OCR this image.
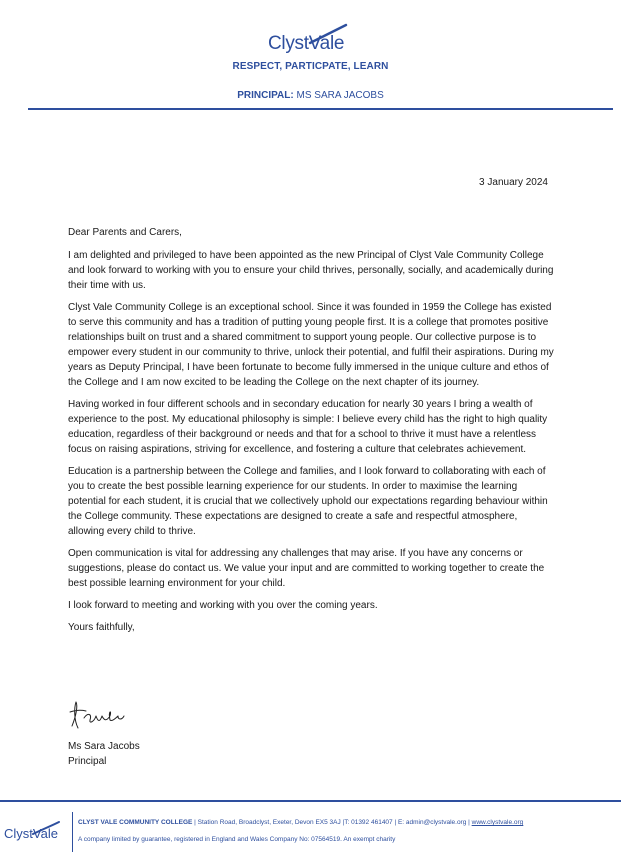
ClystVale
RESPECT, PARTICPATE, LEARN
PRINCIPAL: MS SARA JACOBS
3 January 2024

Dear Parents and Carers,

I am delighted and privileged to have been appointed as the new Principal of Clyst Vale Community College and look forward to working with you to ensure your child thrives, personally, socially, and academically during their time with us.

Clyst Vale Community College is an exceptional school. Since it was founded in 1959 the College has existed to serve this community and has a tradition of putting young people first. It is a college that promotes positive relationships built on trust and a shared commitment to support young people. Our collective purpose is to empower every student in our community to thrive, unlock their potential, and fulfil their aspirations. During my years as Deputy Principal, I have been fortunate to become fully immersed in the unique culture and ethos of the College and I am now excited to be leading the College on the next chapter of its journey.

Having worked in four different schools and in secondary education for nearly 30 years I bring a wealth of experience to the post. My educational philosophy is simple: I believe every child has the right to high quality education, regardless of their background or needs and that for a school to thrive it must have a relentless focus on raising aspirations, striving for excellence, and fostering a culture that celebrates achievement.

Education is a partnership between the College and families, and I look forward to collaborating with each of you to create the best possible learning experience for our students. In order to maximise the learning potential for each student, it is crucial that we collectively uphold our expectations regarding behaviour within the College community. These expectations are designed to create a safe and respectful atmosphere, allowing every child to thrive.

Open communication is vital for addressing any challenges that may arise. If you have any concerns or suggestions, please do contact us. We value your input and are committed to working together to create the best possible learning environment for your child.

I look forward to meeting and working with you over the coming years.

Yours faithfully,

Ms Sara Jacobs
Principal
ClystVale
CLYST VALE COMMUNITY COLLEGE | Station Road, Broadclyst, Exeter, Devon EX5 3AJ |T: 01392 461407 | E: admin@clystvale.org | www.clystvale.org
A company limited by guarantee, registered in England and Wales Company No: 07564519. An exempt charity
